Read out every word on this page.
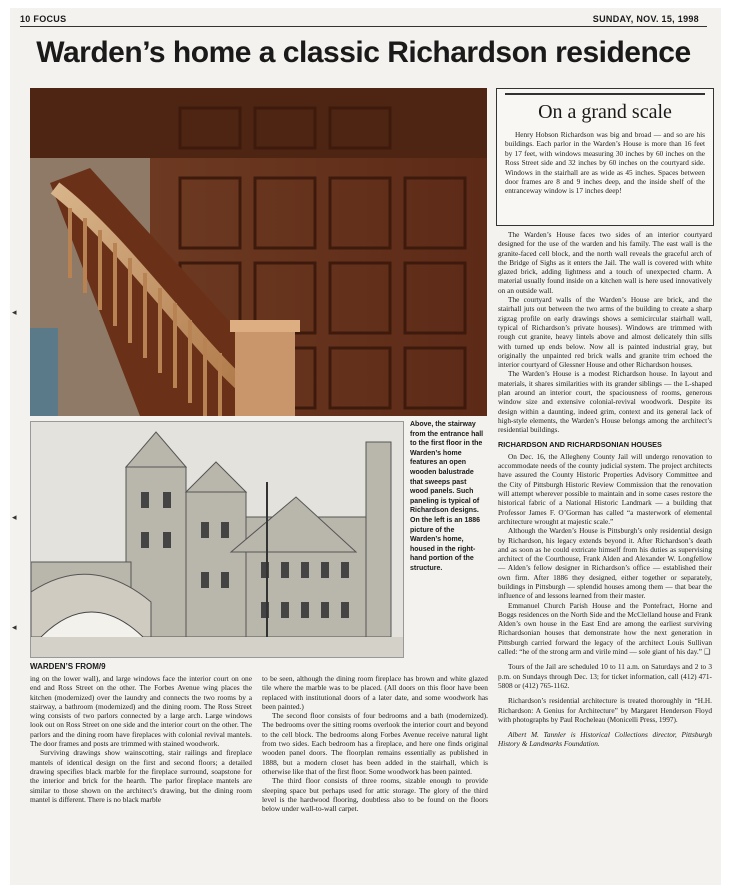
10 FOCUS	SUNDAY, NOV. 15, 1998
Warden’s home a classic Richardson residence
Above, the stairway from the entrance hall to the first floor in the Warden’s home features an open wooden balustrade that sweeps past wood panels. Such paneling is typical of Richardson designs. On the left is an 1886 picture of the Warden’s home, housed in the right-hand portion of the structure.
On a grand scale
Henry Hobson Richardson was big and broad — and so are his buildings. Each parlor in the Warden’s House is more than 16 feet by 17 feet, with windows measuring 30 inches by 60 inches on the Ross Street side and 32 inches by 60 inches on the courtyard side. Windows in the stairhall are as wide as 45 inches. Spaces between door frames are 8 and 9 inches deep, and the inside shelf of the entranceway window is 17 inches deep!

The Warden’s House faces two sides of an interior courtyard designed for the use of the warden and his family. The east wall is the granite-faced cell block, and the north wall reveals the graceful arch of the Bridge of Sighs as it enters the Jail. The wall is covered with white glazed brick, adding lightness and a touch of unexpected charm. A material usually found inside on a kitchen wall is here used innovatively on an outside wall.

The courtyard walls of the Warden’s House are brick, and the stairhall juts out between the two arms of the building to create a sharp zigzag profile on early drawings shows a semicircular stairhall wall, typical of Richardson’s private houses). Windows are trimmed with rough cut granite, heavy lintels above and almost delicately thin sills with turned up ends below. Now all is painted industrial gray, but originally the unpainted red brick walls and granite trim echoed the interior courtyard of Glessner House and other Richardson houses.

The Warden’s House is a modest Richardson house. In layout and materials, it shares similarities with its grander siblings — the L-shaped plan around an interior court, the spaciousness of rooms, generous window size and extensive colonial-revival woodwork. Despite its design within a daunting, indeed grim, context and its general lack of high-style elements, the Warden’s House belongs among the architect’s residential buildings.

RICHARDSON AND RICHARDSONIAN HOUSES

On Dec. 16, the Allegheny County Jail will undergo renovation to accommodate needs of the county judicial system. The project architects have assured the County Historic Properties Advisory Committee and the City of Pittsburgh Historic Review Commission that the renovation will attempt wherever possible to maintain and in some cases restore the historical fabric of a National Historic Landmark — a building that Professor James F. O’Gorman has called “a masterwork of elemental architecture wrought at majestic scale.”

Although the Warden’s House is Pittsburgh’s only residential design by Richardson, his legacy extends beyond it. After Richardson’s death and as soon as he could extricate himself from his duties as supervising architect of the Courthouse, Frank Alden and Alexander W. Longfellow — Alden’s fellow designer in Richardson’s office — established their own firm. After 1886 they designed, either together or separately, buildings in Pittsburgh — splendid houses among them — that bear the influence of and lessons learned from their master.

Emmanuel Church Parish House and the Pontefract, Horne and Boggs residences on the North Side and the McClelland house and Frank Alden’s own house in the East End are among the earliest surviving Richardsonian houses that demonstrate how the next generation in Pittsburgh carried forward the legacy of the architect Louis Sullivan called: “he of the strong arm and virile mind — sole giant of his day.” ❑

Tours of the Jail are scheduled 10 to 11 a.m. on Saturdays and 2 to 3 p.m. on Sundays through Dec. 13; for ticket information, call (412) 471-5808 or (412) 765-1162.

Richardson’s residential architecture is treated thoroughly in “H.H. Richardson: A Genius for Architecture” by Margaret Henderson Floyd with photographs by Paul Rocheleau (Monicelli Press, 1997).

Albert M. Tannler is Historical Collections director, Pittsburgh History & Landmarks Foundation.

WARDEN’S FROM/9

ing on the lower wall), and large windows face the interior court on one end and Ross Street on the other. The Forbes Avenue wing places the kitchen (modernized) over the laundry and connects the two rooms by a stairway, a bathroom (modernized) and the dining room. The Ross Street wing consists of two parlors connected by a large arch. Large windows look out on Ross Street on one side and the interior court on the other. The parlors and the dining room have fireplaces with colonial revival mantels. The door frames and posts are trimmed with stained woodwork.

Surviving drawings show wainscotting, stair railings and fireplace mantels of identical design on the first and second floors; a detailed drawing specifies black marble for the fireplace surround, soapstone for the interior and brick for the hearth. The parlor fireplace mantels are similar to those shown on the architect’s drawing, but the dining room mantel is different. There is no black marble

to be seen, although the dining room fireplace has brown and white glazed tile where the marble was to be placed. (All doors on this floor have been replaced with institutional doors of a later date, and some woodwork has been painted.)

The second floor consists of four bedrooms and a bath (modernized). The bedrooms over the sitting rooms overlook the interior court and beyond to the cell block. The bedrooms along Forbes Avenue receive natural light from two sides. Each bedroom has a fireplace, and here one finds original wooden panel doors. The floorplan remains essentially as published in 1888, but a modern closet has been added in the stairhall, which is otherwise like that of the first floor. Some woodwork has been painted.

The third floor consists of three rooms, sizable enough to provide sleeping space but perhaps used for attic storage. The glory of the third level is the hardwood flooring, doubtless also to be found on the floors below under wall-to-wall carpet.

◂
◂
◂
